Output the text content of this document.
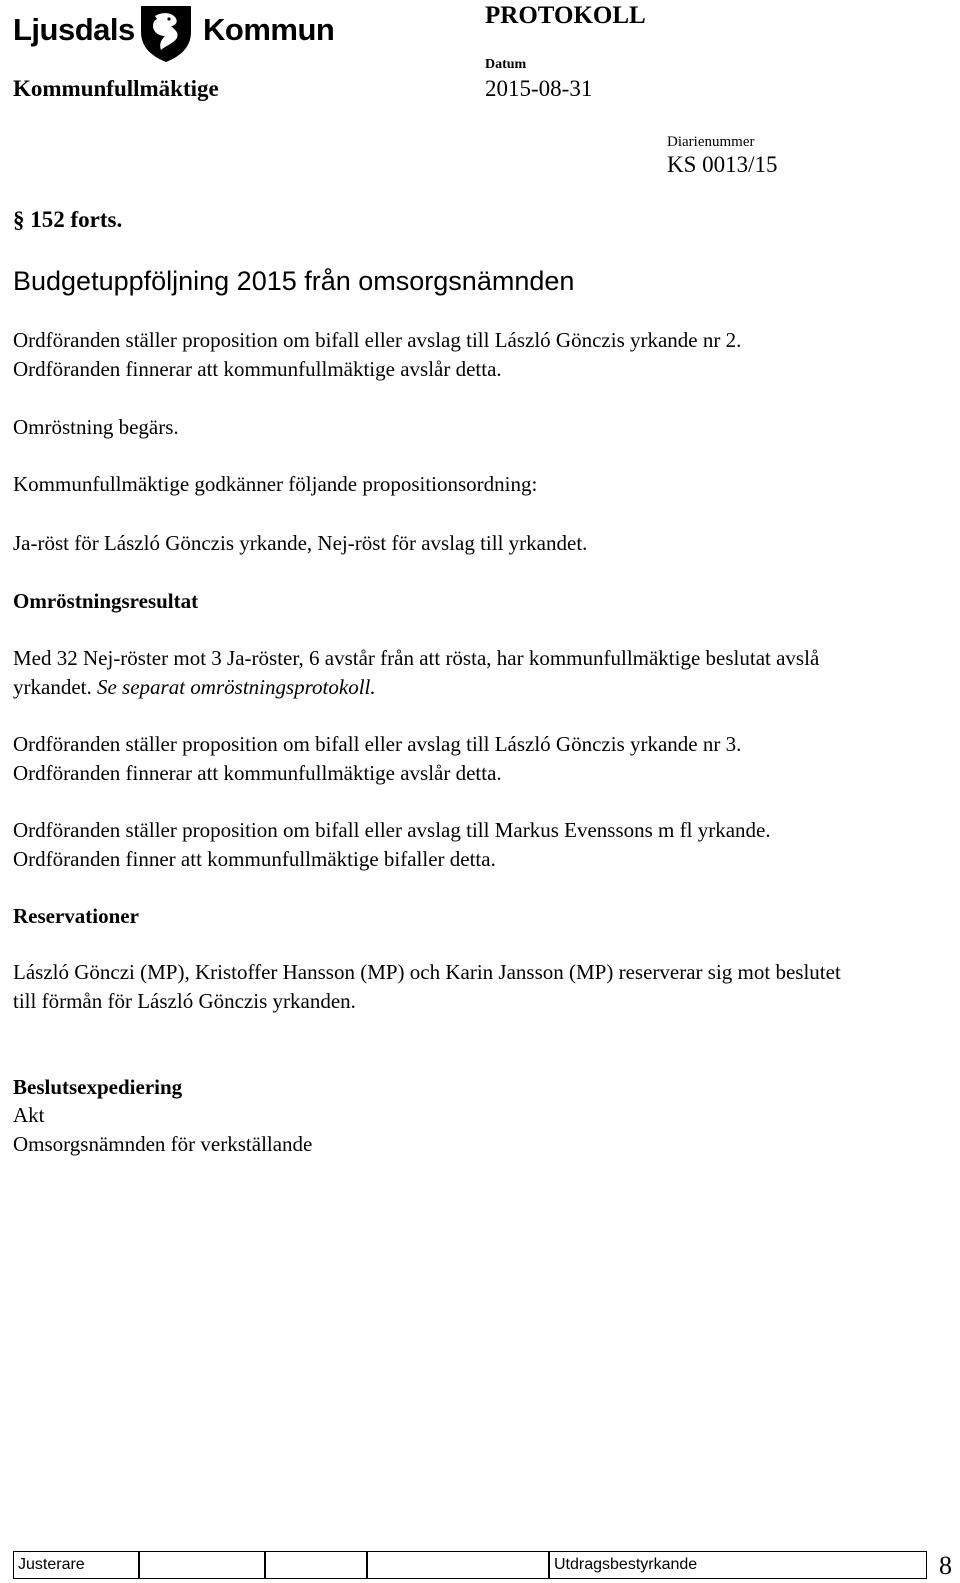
Ljusdals Kommun	PROTOKOLL
Kommunfullmäktige
Datum
2015-08-31
Diarienummer
KS 0013/15
§ 152 forts.
Budgetuppföljning 2015 från omsorgsnämnden
Ordföranden ställer proposition om bifall eller avslag till László Gönczis yrkande nr 2. Ordföranden finnerar att kommunfullmäktige avslår detta.
Omröstning begärs.
Kommunfullmäktige godkänner följande propositionsordning:
Ja-röst för László Gönczis yrkande, Nej-röst för avslag till yrkandet.
Omröstningsresultat
Med 32 Nej-röster mot 3 Ja-röster, 6 avstår från att rösta, har kommunfullmäktige beslutat avslå yrkandet. Se separat omröstningsprotokoll.
Ordföranden ställer proposition om bifall eller avslag till László Gönczis yrkande nr 3. Ordföranden finnerar att kommunfullmäktige avslår detta.
Ordföranden ställer proposition om bifall eller avslag till Markus Evenssons m fl yrkande. Ordföranden finner att kommunfullmäktige bifaller detta.
Reservationer
László Gönczi (MP), Kristoffer Hansson (MP) och Karin Jansson (MP) reserverar sig mot beslutet till förmån för László Gönczis yrkanden.
Beslutsexpediering
Akt
Omsorgsnämnden för verkställande
Justerare	Utdragsbestyrkande	8
